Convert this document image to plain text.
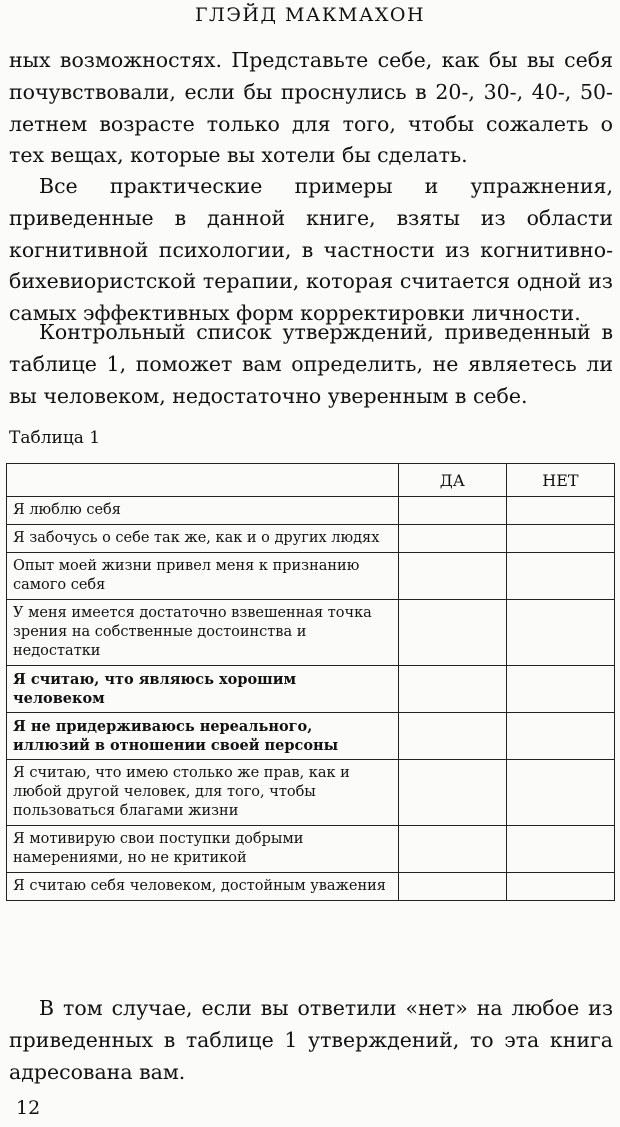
ГЛЭЙД МАКМАХОН

ных возможностях. Представьте себе, как бы вы себя почувствовали, если бы проснулись в 20-, 30-, 40-, 50-летнем возрасте только для того, чтобы сожалеть о тех вещах, которые вы хотели бы сделать.

Все практические примеры и упражнения, приведенные в данной книге, взяты из области когнитивной психологии, в частности из когнитивно-бихевиористской терапии, которая считается одной из самых эффективных форм корректировки личности.

Контрольный список утверждений, приведенный в таблице 1, поможет вам определить, не являетесь ли вы человеком, недостаточно уверенным в себе.

Таблица 1
	ДА	НЕТ
Я люблю себя		
Я забочусь о себе так же, как и о других людях		
Опыт моей жизни привел меня к признанию самого себя		
У меня имеется достаточно взвешенная точка зрения на собственные достоинства и недостатки		
Я считаю, что являюсь хорошим человеком		
Я не придерживаюсь нереального, иллюзий в отношении своей персоны		
Я считаю, что имею столько же прав, как и любой другой человек, для того, чтобы пользоваться благами жизни		
Я мотивирую свои поступки добрыми намерениями, но не критикой		
Я считаю себя человеком, достойным уважения		

В том случае, если вы ответили «нет» на любое из приведенных в таблице 1 утверждений, то эта книга адресована вам.

12
